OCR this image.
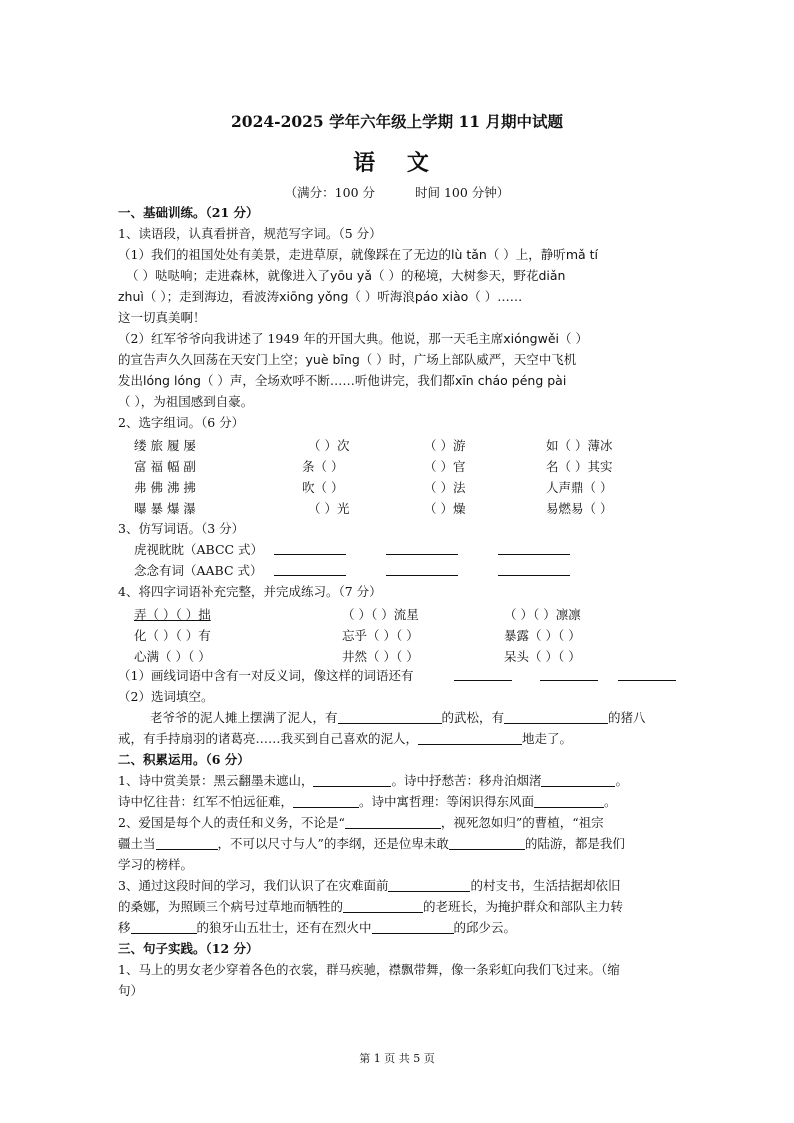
2024-2025 学年六年级上学期 11 月期中试题
语 文
（满分：100 分	时间 100 分钟）
一、基础训练。（21 分）
1、读语段，认真看拼音，规范写字词。（5 分）
（1）我们的祖国处处有美景，走进草原，就像踩在了无边的lù tǎn（ ）上，静听mǎ tí
（ ）哒哒响；走进森林，就像进入了yōu yǎ（ ）的秘境，大树参天，野花diǎn
zhuì（ ）；走到海边，看波涛xiōng yǒng（ ）听海浪páo xiào（ ）……
这一切真美啊！
（2）红军爷爷向我讲述了 1949 年的开国大典。他说，那一天毛主席xióngwěi（ ）
的宣告声久久回荡在天安门上空；yuè bīng（ ）时，广场上部队威严，天空中飞机
发出lóng lóng（ ）声，全场欢呼不断……听他讲完，我们都xīn cháo péng pài
（ ），为祖国感到自豪。
2、选字组词。（6 分）
缕 旅 履 屡	（ ）次	（ ）游	如（ ）薄冰
富 福 幅 副	条（ ）	（ ）官	名（ ）其实
弗 佛 沸 拂	吹（ ）	（ ）法	人声鼎（ ）
曝 暴 爆 瀑	（ ）光	（ ）燥	易燃易（ ）
3、仿写词语。（3 分）
虎视眈眈（ABCC 式）
念念有词（AABC 式）
4、将四字词语补充完整，并完成练习。（7 分）
弄（ ）（ ）拙	（ ）（ ）流星	（ ）（ ）凛凛
化（ ）（ ）有	忘乎（ ）（ ）	暴露（ ）（ ）
心满（ ）（ ）	井然（ ）（ ）	呆头（ ）（ ）
（1）画线词语中含有一对反义词，像这样的词语还有
（2）选词填空。
老爷爷的泥人摊上摆满了泥人，有	的武松，有	的猪八
戒，有手持扇羽的诸葛亮……我买到自己喜欢的泥人，	地走了。
二、积累运用。（6 分）
1、诗中赏美景：黑云翻墨未遮山，	。诗中抒愁苦：移舟泊烟渚	。
诗中忆往昔：红军不怕远征难，	。诗中寓哲理：等闲识得东风面	。
2、爱国是每个人的责任和义务，不论是“	，视死忽如归”的曹植，“祖宗
疆土当	，不可以尺寸与人”的李纲，还是位卑未敢	的陆游，都是我们
学习的榜样。
3、通过这段时间的学习，我们认识了在灾难面前	的村支书，生活拮据却依旧
的桑娜，为照顾三个病号过草地而牺牲的	的老班长，为掩护群众和部队主力转
移	的狼牙山五壮士，还有在烈火中	的邱少云。
三、句子实践。（12 分）
1、马上的男女老少穿着各色的衣裳，群马疾驰，襟飘带舞，像一条彩虹向我们飞过来。（缩
句）
第 1 页 共 5 页
